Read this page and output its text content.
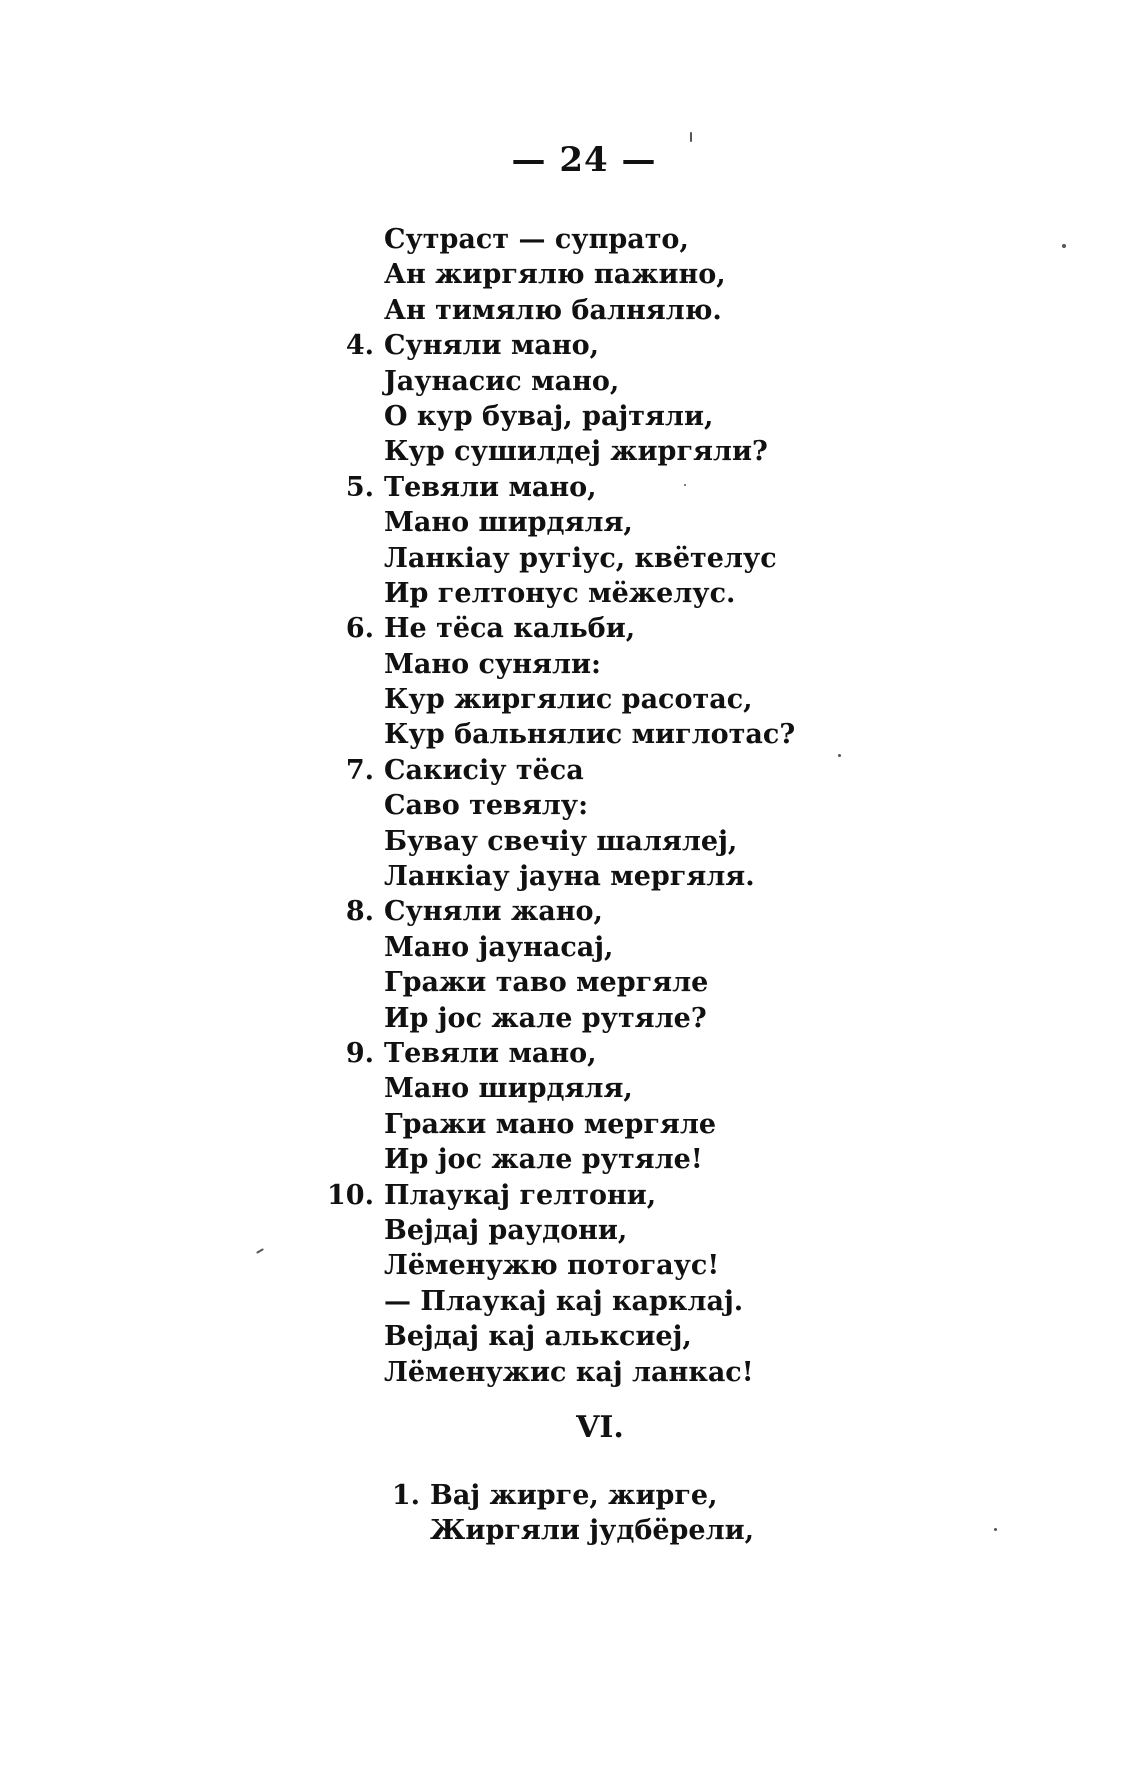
— 24 —
Сутраст — супрато,
Ан жиргялю пажино,
Ан тимялю балнялю.
4. Суняли мано,
Јаунасис мано,
О кур бувај, рајтяли,
Кур сушилдеј жиргяли?
5. Тевяли мано,
Мано ширдяля,
Ланкіау ругіус, квётелус
Ир гелтонус мёжелус.
6. Не тёса кальби,
Мано суняли:
Кур жиргялис расотас,
Кур бальнялис миглотас?
7. Сакисіу тёса
Саво тевялу:
Бувау свечіу шалялеј,
Ланкіау јауна мергяля.
8. Суняли жано,
Мано јаунасај,
Гражи таво мергяле
Ир јос жале рутяле?
9. Тевяли мано,
Мано ширдяля,
Гражи мано мергяле
Ир јос жале рутяле!
10. Плаукај гелтони,
Вејдај раудони,
Лёменужю потогаус!
— Плаукај кај карклај.
Вејдај кај альксиеј,
Лёменужис кај ланкас!
VI.
1. Вај жирге, жирге,
Жиргяли јудбёрели,
